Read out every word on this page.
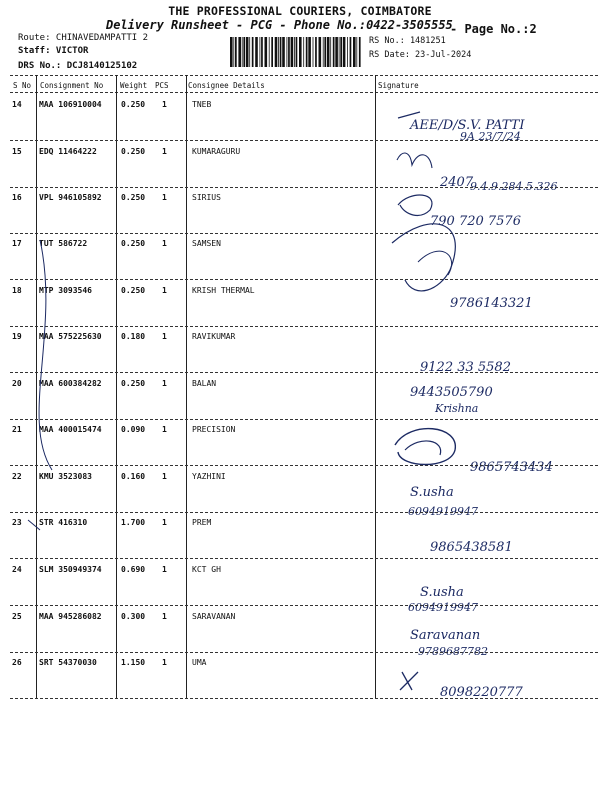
THE PROFESSIONAL COURIERS, COIMBATORE
Delivery Runsheet - PCG - Phone No.:0422-3505555
- Page No.:2
Route: CHINAVEDAMPATTI 2
Staff: VICTOR
DRS No.: DCJ8140125102
RS No.: 1481251
RS Date: 23-Jul-2024
S No Consignment No Weight PCS	Consignee Details	Signature
14 MAA 106910004 0.250 1	TNEB
AEE/D/S.V. PATTI
9A 23/7/24
15 EDQ 11464222	0.250 1	KUMARAGURU
2407
9.4.9.284.5.326
16 VPL 946105892 0.250 1	SIRIUS
790 720 7576
17 TUT 586722	0.250 1	SAMSEN
18 MTP 3093546	0.250 1	KRISH THERMAL
9786143321
19 MAA 575225630 0.180 1	RAVIKUMAR
9122 33 5582
20 MAA 600384282 0.250 1	BALAN
9443505790
Krishna
21 MAA 400015474 0.090 1	PRECISION
9865743434
22 KMU 3523083	0.160 1	YAZHINI
S.usha
6094919947
23 STR 416310	1.700 1	PREM
9865438581
24 SLM 350949374 0.690 1	KCT GH
S.usha
6094919947
25 MAA 945286082 0.300 1	SARAVANAN
Saravanan
9789687782
26 SRT 54370030	1.150 1	UMA
8098220777
